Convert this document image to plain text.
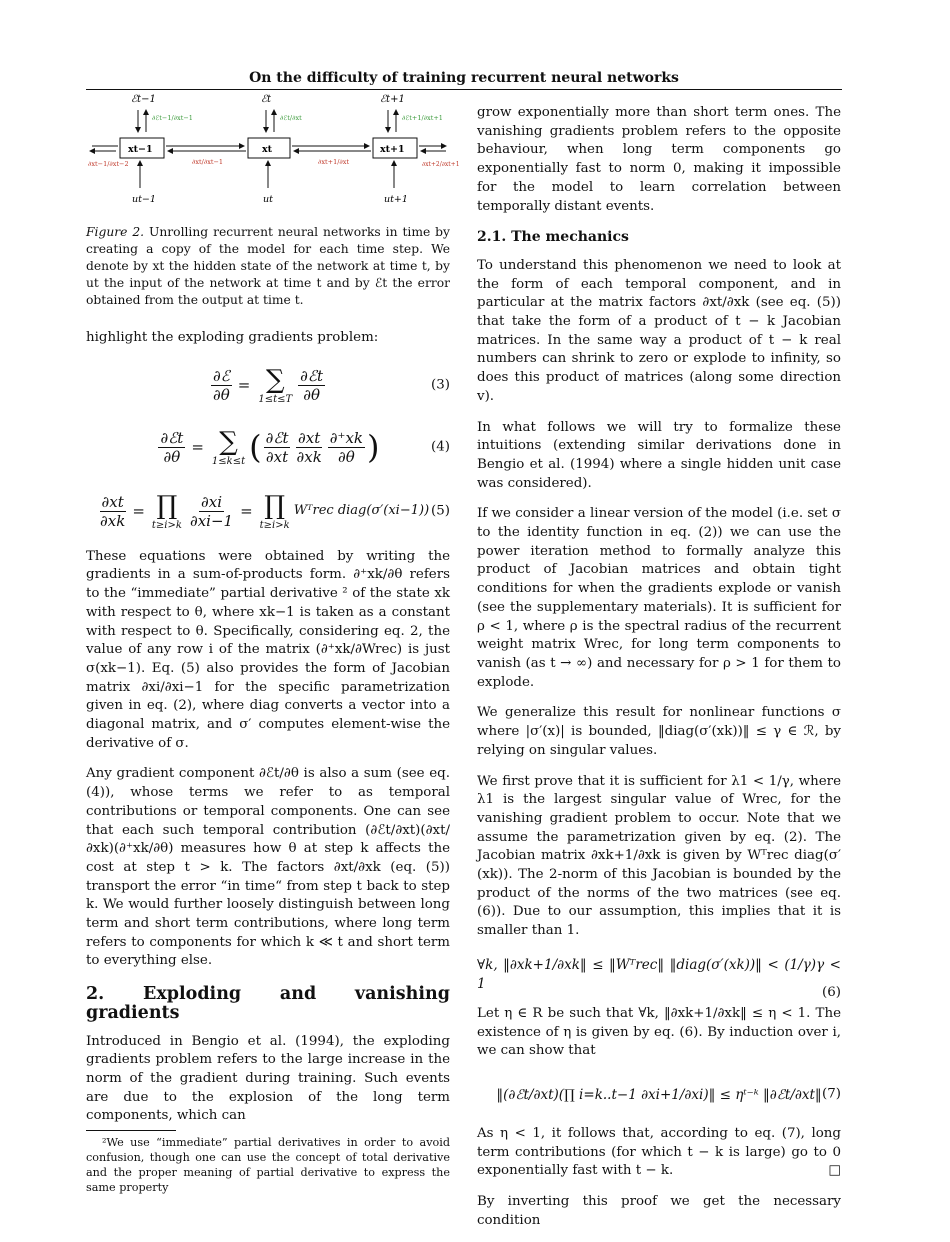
On the difficulty of training recurrent neural networks
ℰt−1	ℰt	ℰt+1
∂ℰt−1/∂xt−1	∂ℰt/∂xt	∂ℰt+1/∂xt+1
xt−1	xt	xt+1
∂xt−1/∂xt−2	∂xt/∂xt−1	∂xt+1/∂xt	∂xt+2/∂xt+1
ut−1	ut	ut+1
Figure 2. Unrolling recurrent neural networks in time by creating a copy of the model for each time step. We denote by xt the hidden state of the network at time t, by ut the input of the network at time t and by ℰt the error obtained from the output at time t.

highlight the exploding gradients problem:

$\frac{\text{∂ℰ}}{\partial\theta}$ = ∑
$1\le t\le T \frac{\text{∂ℰt}}{\partial\theta}$	(3)
$\frac{\text{∂ℰt}}{\partial\theta}$ = ∑
1≤k≤t ( $\frac{\text{∂ℰt}}{\partial xt} \frac{\partial xt}{\partial xk} \frac{\partial^+xk}{\partial\theta}$ )	(4)
$\frac{\partial xt}{\partial xk}$ = ∏
$t\ge i>k \frac{\partial xi}{\partial xi-1}$ = ∏
t≥i>k
Wᵀrec diag(σ′(xi−1)) (5)

These equations were obtained by writing the gradients in a sum-of-products form. ∂⁺xk/∂θ refers to the “immediate” partial derivative ² of the state xk with respect to θ, where xk−1 is taken as a constant with respect to θ. Specifically, considering eq. 2, the value of any row i of the matrix (∂⁺xk/∂Wrec) is just σ(xk−1). Eq. (5) also provides the form of Jacobian matrix ∂xi/∂xi−1 for the specific parametrization given in eq. (2), where diag converts a vector into a diagonal matrix, and σ′ computes element-wise the derivative of σ.

Any gradient component ∂ℰt/∂θ is also a sum (see eq. (4)), whose terms we refer to as temporal contributions or temporal components. One can see that each such temporal contribution (∂ℰt/∂xt)(∂xt/∂xk)(∂⁺xk/∂θ) measures how θ at step k affects the cost at step t > k. The factors ∂xt/∂xk (eq. (5)) transport the error “in time“ from step t back to step k. We would further loosely distinguish between long term and short term contributions, where long term refers to components for which k ≪ t and short term to everything else.

2. Exploding and vanishing gradients

Introduced in Bengio et al. (1994), the exploding gradients problem refers to the large increase in the norm of the gradient during training. Such events are due to the explosion of the long term components, which can

²We use “immediate” partial derivatives in order to avoid confusion, though one can use the concept of total derivative and the proper meaning of partial derivative to express the same property

grow exponentially more than short term ones. The vanishing gradients problem refers to the opposite behaviour, when long term components go exponentially fast to norm 0, making it impossible for the model to learn correlation between temporally distant events.

2.1. The mechanics

To understand this phenomenon we need to look at the form of each temporal component, and in particular at the matrix factors ∂xt/∂xk (see eq. (5)) that take the form of a product of t − k Jacobian matrices. In the same way a product of t − k real numbers can shrink to zero or explode to infinity, so does this product of matrices (along some direction v).

In what follows we will try to formalize these intuitions (extending similar derivations done in Bengio et al. (1994) where a single hidden unit case was considered).

If we consider a linear version of the model (i.e. set σ to the identity function in eq. (2)) we can use the power iteration method to formally analyze this product of Jacobian matrices and obtain tight conditions for when the gradients explode or vanish (see the supplementary materials). It is sufficient for ρ < 1, where ρ is the spectral radius of the recurrent weight matrix Wrec, for long term components to vanish (as t → ∞) and necessary for ρ > 1 for them to explode.

We generalize this result for nonlinear functions σ where |σ′(x)| is bounded, ‖diag(σ′(xk))‖ ≤ γ ∈ ℛ, by relying on singular values.

We first prove that it is sufficient for λ1 < 1/γ, where λ1 is the largest singular value of Wrec, for the vanishing gradient problem to occur. Note that we assume the parametrization given by eq. (2). The Jacobian matrix ∂xk+1/∂xk is given by Wᵀrec diag(σ′(xk)). The 2-norm of this Jacobian is bounded by the product of the norms of the two matrices (see eq. (6)). Due to our assumption, this implies that it is smaller than 1.

∀k, ‖∂xk+1/∂xk‖ ≤ ‖Wᵀrec‖ ‖diag(σ′(xk))‖ < (1/γ)γ < 1
(6)

Let η ∈ R be such that ∀k, ‖∂xk+1/∂xk‖ ≤ η < 1. The existence of η is given by eq. (6). By induction over i, we can show that

‖(∂ℰt/∂xt)(∏ i=k..t−1 ∂xi+1/∂xi)‖ ≤ ηᵗ⁻ᵏ ‖∂ℰt/∂xt‖ (7)

As η < 1, it follows that, according to eq. (7), long term contributions (for which t − k is large) go to 0 exponentially fast with t − k.	□

By inverting this proof we get the necessary condition
